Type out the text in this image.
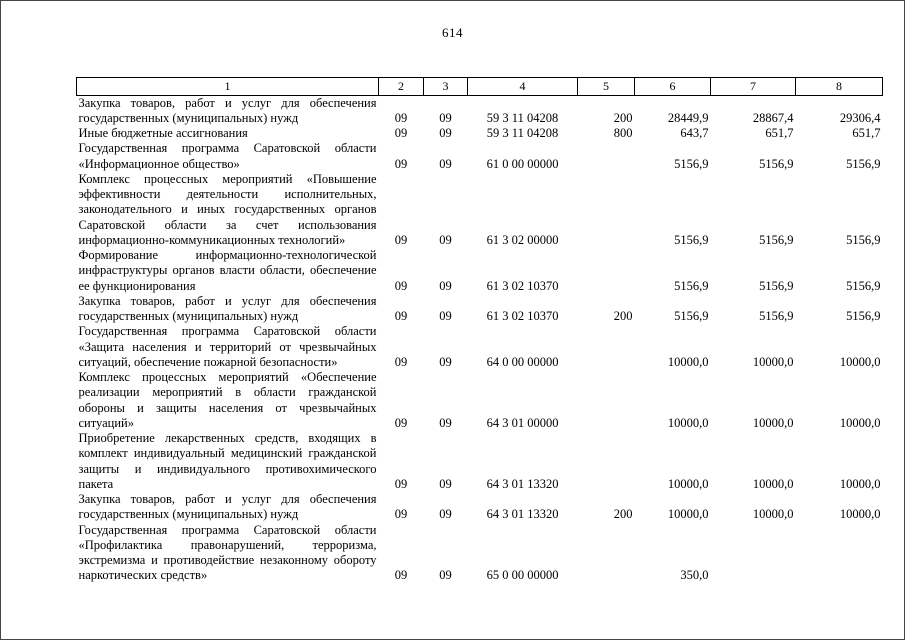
614
1	2	3	4	5	6	7	8
Закупка товаров, работ и услуг для обеспечения государственных (муниципальных) нужд	09	09	59 3 11 04208	200	28449,9	28867,4	29306,4
Иные бюджетные ассигнования	09	09	59 3 11 04208	800	643,7	651,7	651,7
Государственная программа Саратовской области «Информационное общество»	09	09	61 0 00 00000		5156,9	5156,9	5156,9
Комплекс процессных мероприятий «Повышение эффективности деятельности исполнительных, законодательного и иных государственных органов Саратовской области за счет использования информационно-коммуникационных технологий»	09	09	61 3 02 00000		5156,9	5156,9	5156,9
Формирование информационно-технологической инфраструктуры органов власти области, обеспечение ее функционирования	09	09	61 3 02 10370		5156,9	5156,9	5156,9
Закупка товаров, работ и услуг для обеспечения государственных (муниципальных) нужд	09	09	61 3 02 10370	200	5156,9	5156,9	5156,9
Государственная программа Саратовской области «Защита населения и территорий от чрезвычайных ситуаций, обеспечение пожарной безопасности»	09	09	64 0 00 00000		10000,0	10000,0	10000,0
Комплекс процессных мероприятий «Обеспечение реализации мероприятий в области гражданской обороны и защиты населения от чрезвычайных ситуаций»	09	09	64 3 01 00000		10000,0	10000,0	10000,0
Приобретение лекарственных средств, входящих в комплект индивидуальный медицинский гражданской защиты и индивидуального противохимического пакета	09	09	64 3 01 13320		10000,0	10000,0	10000,0
Закупка товаров, работ и услуг для обеспечения государственных (муниципальных) нужд	09	09	64 3 01 13320	200	10000,0	10000,0	10000,0
Государственная программа Саратовской области «Профилактика правонарушений, терроризма, экстремизма и противодействие незаконному обороту наркотических средств»	09	09	65 0 00 00000		350,0		
